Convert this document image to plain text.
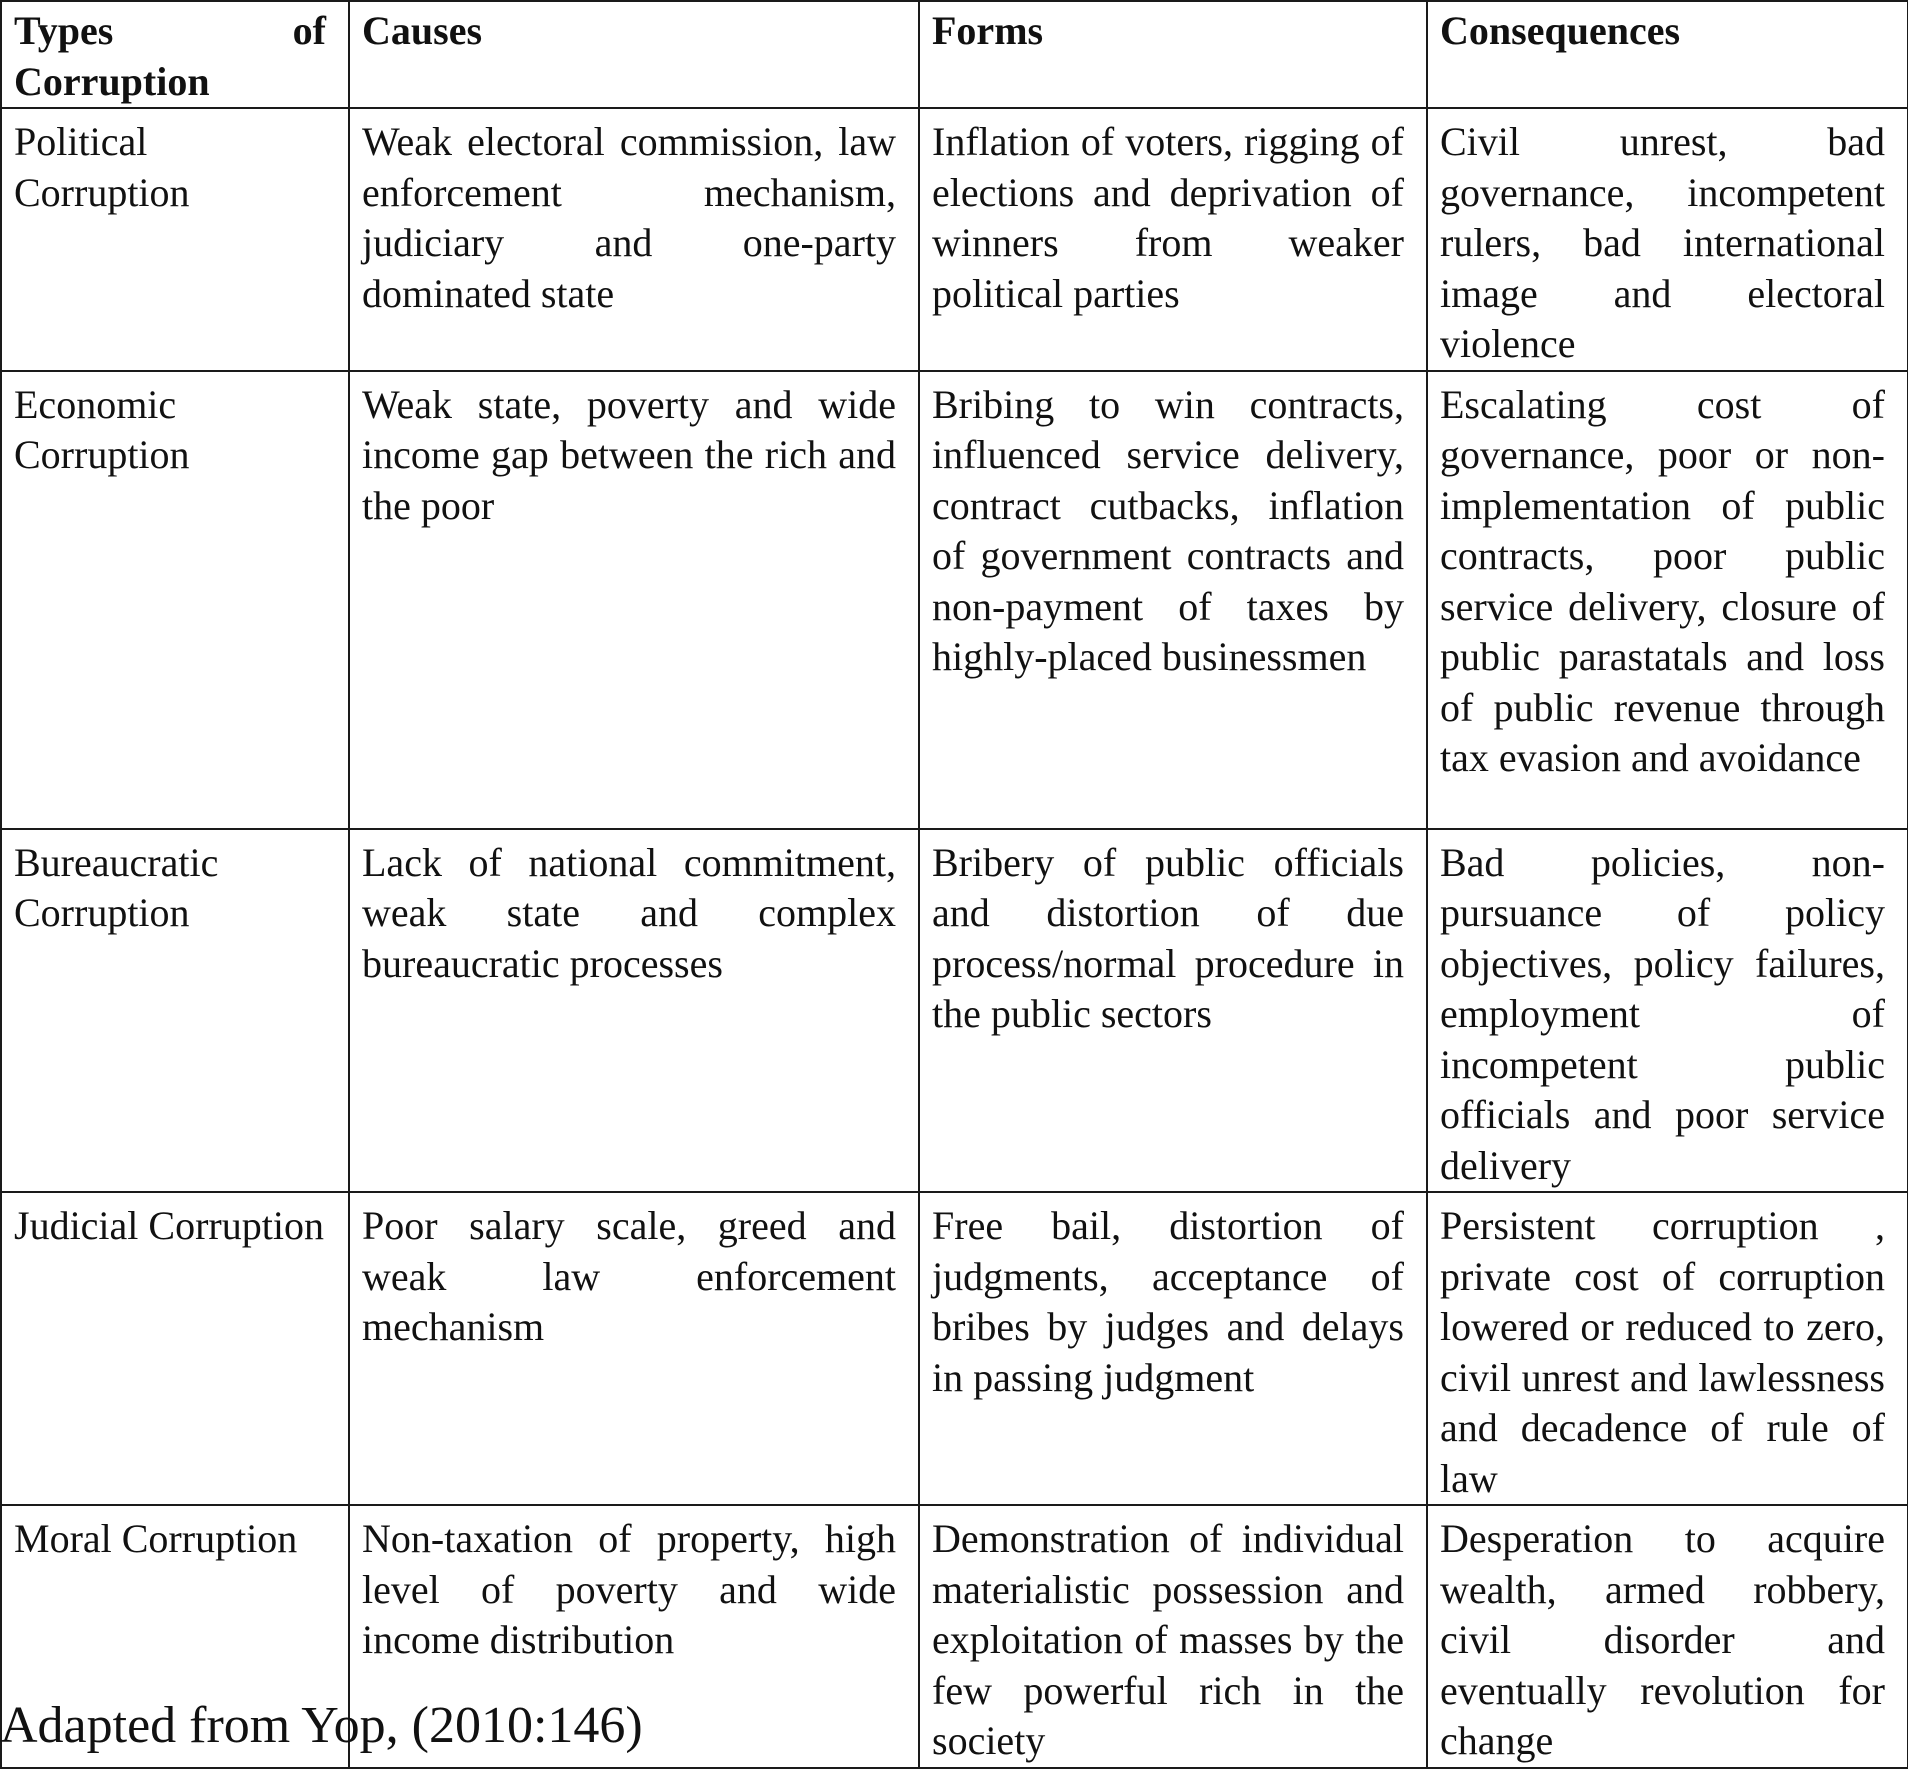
Types of Corruption	Causes	Forms	Consequences
Political Corruption	Weak electoral commission, law enforcement mechanism, judiciary and one-party dominated state	Inflation of voters, rigging of elections and deprivation of winners from weaker political parties	Civil unrest, bad governance, incompetent rulers, bad international image and electoral violence
Economic Corruption	Weak state, poverty and wide income gap between the rich and the poor	Bribing to win contracts, influenced service delivery, contract cutbacks, inflation of government contracts and non-payment of taxes by highly-placed businessmen	Escalating cost of governance, poor or non-implementation of public contracts, poor public service delivery, closure of public parastatals and loss of public revenue through tax evasion and avoidance
Bureaucratic Corruption	Lack of national commitment, weak state and complex bureaucratic processes	Bribery of public officials and distortion of due process/normal procedure in the public sectors	Bad policies, non-pursuance of policy objectives, policy failures, employment of incompetent public officials and poor service delivery
Judicial Corruption	Poor salary scale, greed and weak law enforcement mechanism	Free bail, distortion of judgments, acceptance of bribes by judges and delays in passing judgment	Persistent corruption , private cost of corruption lowered or reduced to zero, civil unrest and lawlessness and decadence of rule of law
Moral Corruption	Non-taxation of property, high level of poverty and wide income distribution	Demonstration of individual materialistic possession and exploitation of masses by the few powerful rich in the society	Desperation to acquire wealth, armed robbery, civil disorder and eventually revolution for change
Adapted from Yop, (2010:146)
